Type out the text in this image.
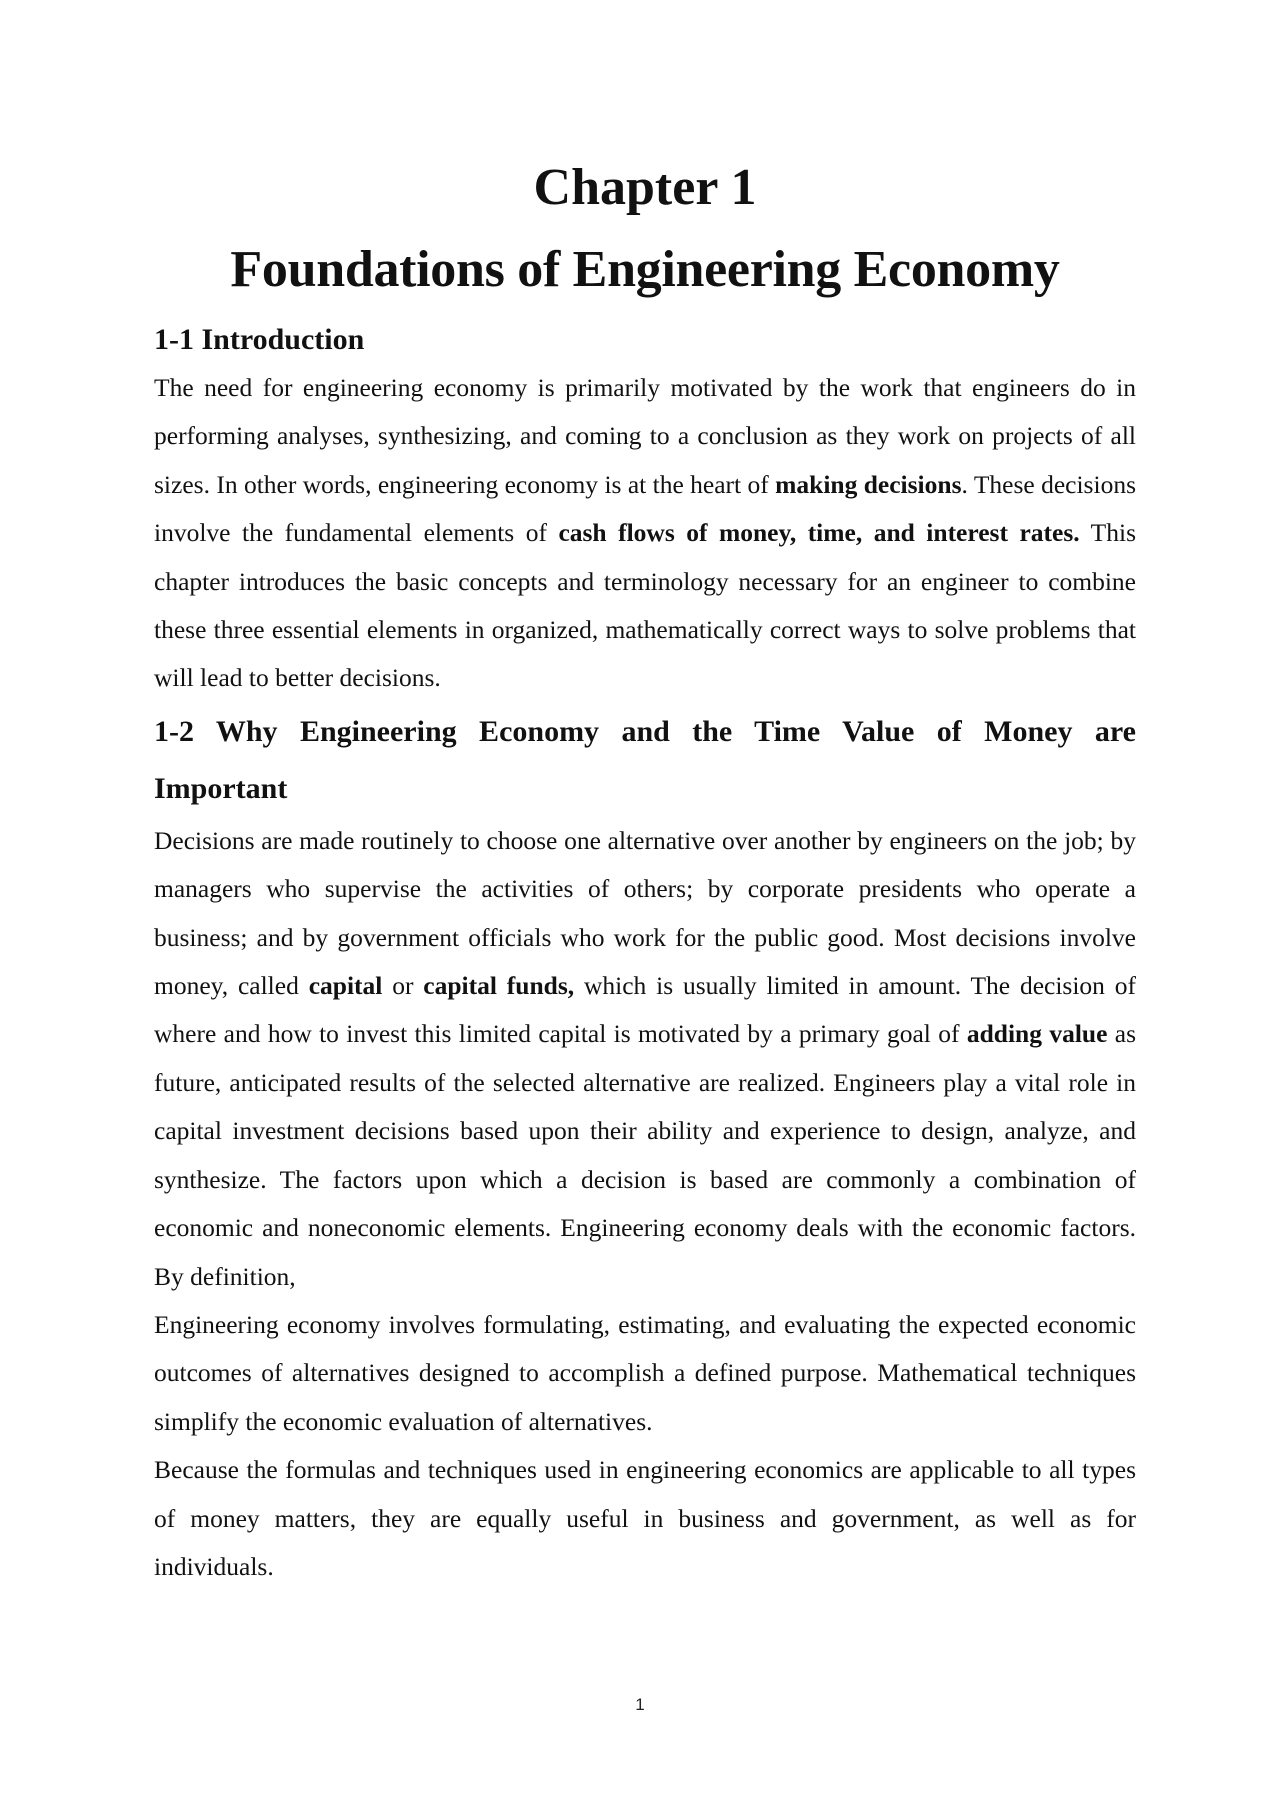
Chapter 1
Foundations of Engineering Economy
1-1 Introduction

The need for engineering economy is primarily motivated by the work that engineers do in performing analyses, synthesizing, and coming to a conclusion as they work on projects of all sizes. In other words, engineering economy is at the heart of making decisions. These decisions involve the fundamental elements of cash flows of money, time, and interest rates. This chapter introduces the basic concepts and terminology necessary for an engineer to combine these three essential elements in organized, mathematically correct ways to solve problems that will lead to better decisions.

1-2 Why Engineering Economy and the Time Value of Money are Important

Decisions are made routinely to choose one alternative over another by engineers on the job; by managers who supervise the activities of others; by corporate presidents who operate a business; and by government officials who work for the public good. Most decisions involve money, called capital or capital funds, which is usually limited in amount. The decision of where and how to invest this limited capital is motivated by a primary goal of adding value as future, anticipated results of the selected alternative are realized. Engineers play a vital role in capital investment decisions based upon their ability and experience to design, analyze, and synthesize. The factors upon which a decision is based are commonly a combination of economic and noneconomic elements. Engineering economy deals with the economic factors. By definition,

Engineering economy involves formulating, estimating, and evaluating the expected economic outcomes of alternatives designed to accomplish a defined purpose. Mathematical techniques simplify the economic evaluation of alternatives.

Because the formulas and techniques used in engineering economics are applicable to all types of money matters, they are equally useful in business and government, as well as for individuals.

1
